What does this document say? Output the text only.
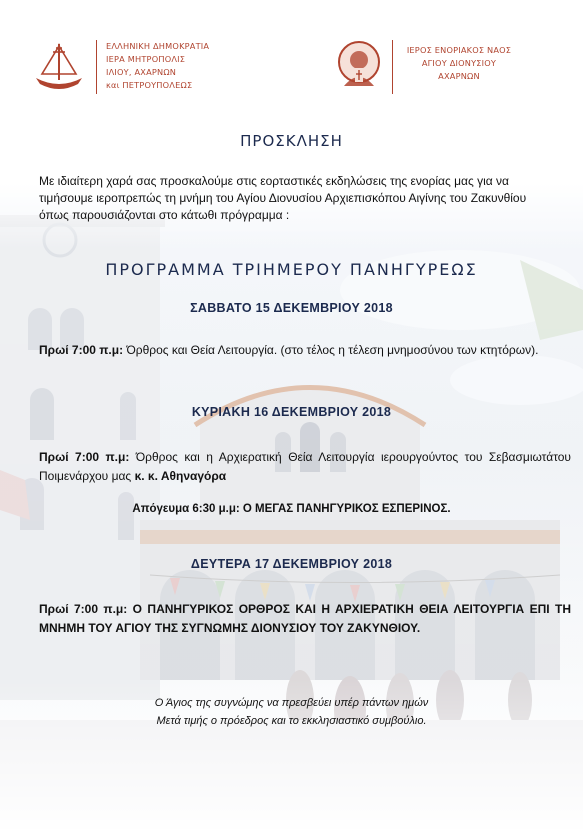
ΕΛΛΗΝΙΚΗ ΔΗΜΟΚΡΑΤΙΑ
ΙΕΡΑ ΜΗΤΡΟΠΟΛΙΣ
ΙΛΙΟΥ, ΑΧΑΡΝΩΝ
και ΠΕΤΡΟΥΠΟΛΕΩΣ
ΙΕΡΟΣ ΕΝΟΡΙΑΚΟΣ ΝΑΟΣ
ΑΓΙΟΥ ΔΙΟΝΥΣΙΟΥ
ΑΧΑΡΝΩΝ
ΠΡΟΣΚΛΗΣΗ
Με ιδιαίτερη χαρά σας προσκαλούμε στις εορταστικές εκδηλώσεις της ενορίας μας για να τιμήσουμε ιεροπρεπώς τη μνήμη του Αγίου Διονυσίου Αρχιεπισκόπου Αιγίνης του Ζακυνθίου όπως παρουσιάζονται στο κάτωθι πρόγραμμα :
ΠΡΟΓΡΑΜΜΑ ΤΡΙΗΜΕΡΟΥ ΠΑΝΗΓΥΡΕΩΣ
ΣΑΒΒΑΤΟ 15 ΔΕΚΕΜΒΡΙΟΥ 2018
Πρωί 7:00 π.μ: Όρθρος και Θεία Λειτουργία. (στο τέλος η τέλεση μνημοσύνου των κτητόρων).
ΚΥΡΙΑΚΗ 16 ΔΕΚΕΜΒΡΙΟΥ 2018
Πρωί 7:00 π.μ: Όρθρος και η Αρχιερατική Θεία Λειτουργία ιερουργούντος του Σεβασμιωτάτου Ποιμενάρχου μας κ. κ. Αθηναγόρα
Απόγευμα 6:30 μ.μ: Ο ΜΕΓΑΣ ΠΑΝΗΓΥΡΙΚΟΣ ΕΣΠΕΡΙΝΟΣ.
ΔΕΥΤΕΡΑ 17 ΔΕΚΕΜΒΡΙΟΥ 2018
Πρωί 7:00 π.μ: Ο ΠΑΝΗΓΥΡΙΚΟΣ ΟΡΘΡΟΣ ΚΑΙ Η ΑΡΧΙΕΡΑΤΙΚΗ ΘΕΙΑ ΛΕΙΤΟΥΡΓΙΑ ΕΠΙ ΤΗ ΜΝΗΜΗ ΤΟΥ ΑΓΙΟΥ ΤΗΣ ΣΥΓΝΩΜΗΣ ΔΙΟΝΥΣΙΟΥ ΤΟΥ ΖΑΚΥΝΘΙΟΥ.
Ο Άγιος της συγνώμης να πρεσβεύει υπέρ πάντων ημών
Μετά τιμής ο πρόεδρος και το εκκλησιαστικό συμβούλιο.
